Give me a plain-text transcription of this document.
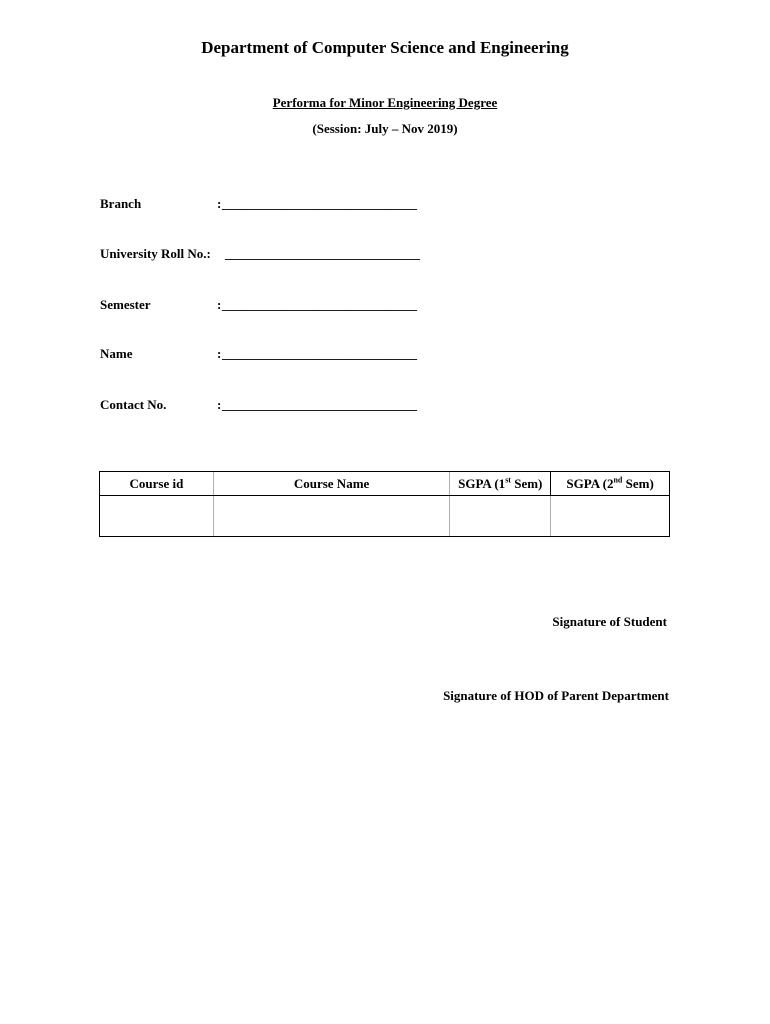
Department of Computer Science and Engineering
Performa for Minor Engineering Degree
(Session: July – Nov 2019)
Branch	: ______________________________
University Roll No.: ______________________________
Semester	: ______________________________
Name	: ______________________________
Contact No.	: ______________________________
Course id	Course Name	SGPA (1st Sem)	SGPA (2nd Sem)

Signature of Student
Signature of HOD of Parent Department
